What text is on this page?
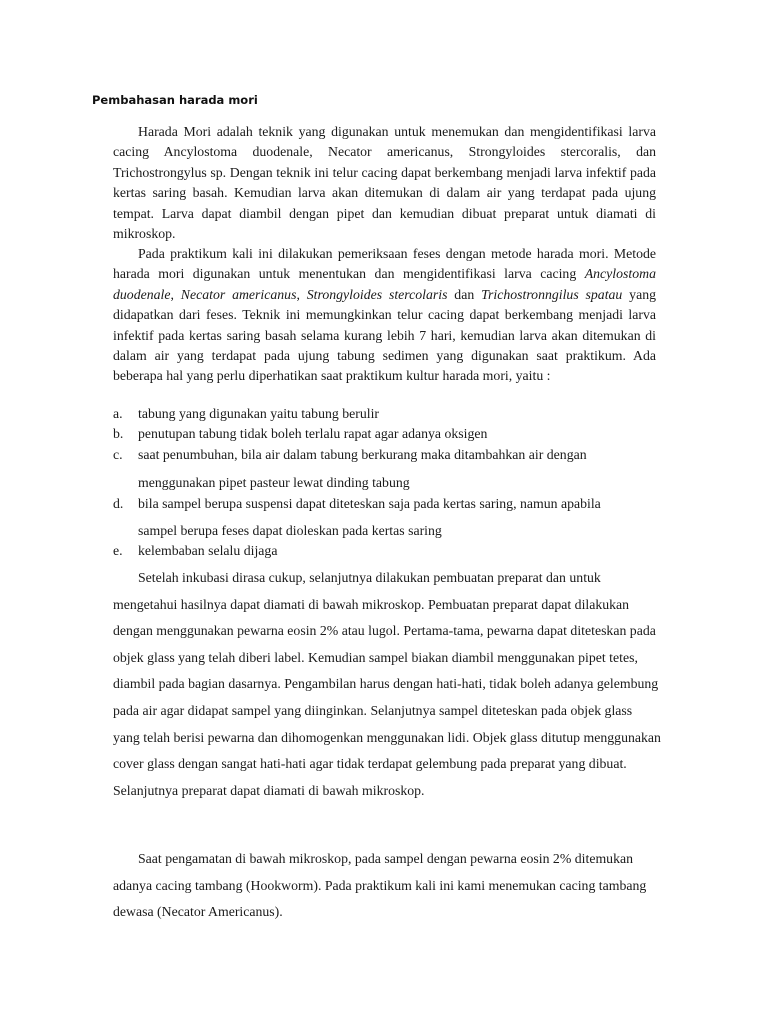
Pembahasan harada mori

Harada Mori adalah teknik yang digunakan untuk menemukan dan mengidentifikasi larva cacing Ancylostoma duodenale, Necator americanus, Strongyloides stercoralis, dan Trichostrongylus sp. Dengan teknik ini telur cacing dapat berkembang menjadi larva infektif pada kertas saring basah. Kemudian larva akan ditemukan di dalam air yang terdapat pada ujung tempat. Larva dapat diambil dengan pipet dan kemudian dibuat preparat untuk diamati di mikroskop.

Pada praktikum kali ini dilakukan pemeriksaan feses dengan metode harada mori. Metode harada mori digunakan untuk menentukan dan mengidentifikasi larva cacing Ancylostoma duodenale, Necator americanus, Strongyloides stercolaris dan Trichostronngilus spatau yang didapatkan dari feses. Teknik ini memungkinkan telur cacing dapat berkembang menjadi larva infektif pada kertas saring basah selama kurang lebih 7 hari, kemudian larva akan ditemukan di dalam air yang terdapat pada ujung tabung sedimen yang digunakan saat praktikum. Ada beberapa hal yang perlu diperhatikan saat praktikum kultur harada mori, yaitu :

a. tabung yang digunakan yaitu tabung berulir
b. penutupan tabung tidak boleh terlalu rapat agar adanya oksigen
c. saat penumbuhan, bila air dalam tabung berkurang maka ditambahkan air dengan
menggunakan pipet pasteur lewat dinding tabung
d. bila sampel berupa suspensi dapat diteteskan saja pada kertas saring, namun apabila
sampel berupa feses dapat dioleskan pada kertas saring
e. kelembaban selalu dijaga
Setelah inkubasi dirasa cukup, selanjutnya dilakukan pembuatan preparat dan untuk mengetahui hasilnya dapat diamati di bawah mikroskop. Pembuatan preparat dapat dilakukan dengan menggunakan pewarna eosin 2% atau lugol. Pertama-tama, pewarna dapat diteteskan pada objek glass yang telah diberi label. Kemudian sampel biakan diambil menggunakan pipet tetes, diambil pada bagian dasarnya. Pengambilan harus dengan hati-hati, tidak boleh adanya gelembung pada air agar didapat sampel yang diinginkan. Selanjutnya sampel diteteskan pada objek glass yang telah berisi pewarna dan dihomogenkan menggunakan lidi. Objek glass ditutup menggunakan cover glass dengan sangat hati-hati agar tidak terdapat gelembung pada preparat yang dibuat. Selanjutnya preparat dapat diamati di bawah mikroskop.
Saat pengamatan di bawah mikroskop, pada sampel dengan pewarna eosin 2% ditemukan adanya cacing tambang (Hookworm). Pada praktikum kali ini kami menemukan cacing tambang dewasa (Necator Americanus).
